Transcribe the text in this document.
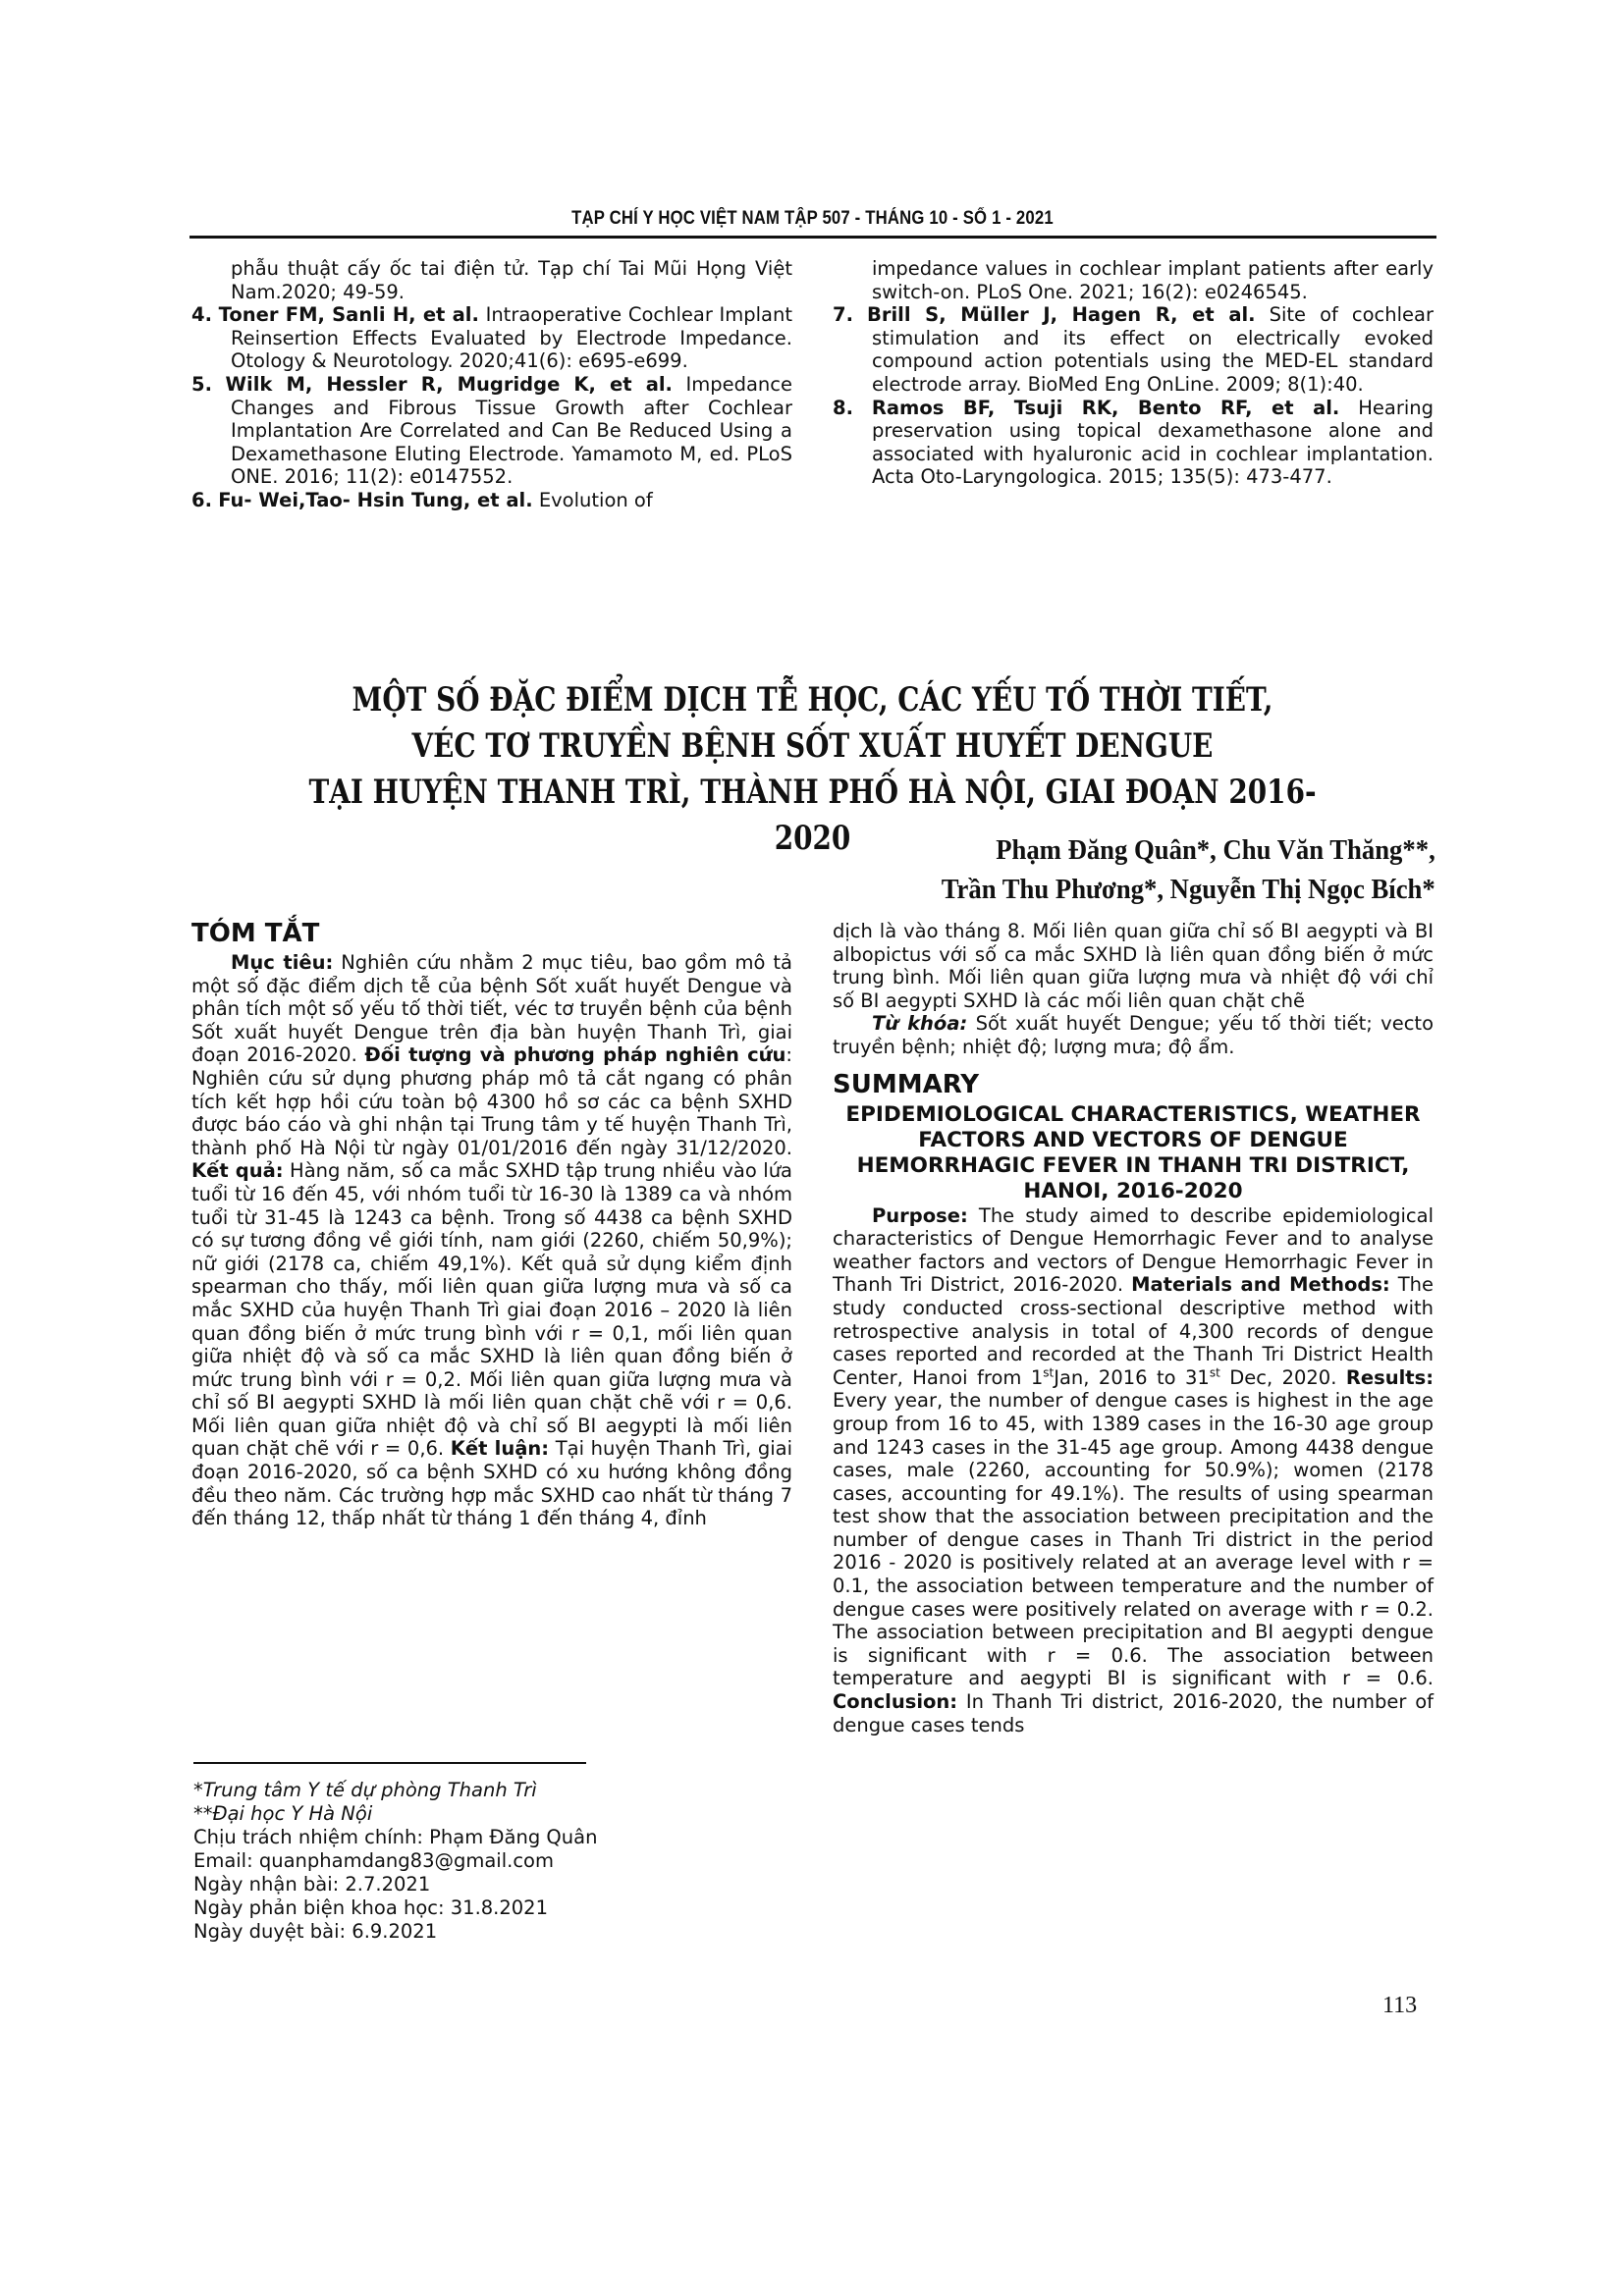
TẠP CHÍ Y HỌC VIỆT NAM TẬP 507 - THÁNG 10 - SỐ 1 - 2021

phẫu thuật cấy ốc tai điện tử. Tạp chí Tai Mũi Họng Việt Nam.2020; 49-59.

4. Toner FM, Sanli H, et al. Intraoperative Cochlear Implant Reinsertion Effects Evaluated by Electrode Impedance. Otology & Neurotology. 2020;41(6): e695-e699.

5. Wilk M, Hessler R, Mugridge K, et al. Impedance Changes and Fibrous Tissue Growth after Cochlear Implantation Are Correlated and Can Be Reduced Using a Dexamethasone Eluting Electrode. Yamamoto M, ed. PLoS ONE. 2016; 11(2): e0147552.

6. Fu- Wei,Tao- Hsin Tung, et al. Evolution of

impedance values in cochlear implant patients after early switch-on. PLoS One. 2021; 16(2): e0246545.

7. Brill S, Müller J, Hagen R, et al. Site of cochlear stimulation and its effect on electrically evoked compound action potentials using the MED-EL standard electrode array. BioMed Eng OnLine. 2009; 8(1):40.

8. Ramos BF, Tsuji RK, Bento RF, et al. Hearing preservation using topical dexamethasone alone and associated with hyaluronic acid in cochlear implantation. Acta Oto-Laryngologica. 2015; 135(5): 473-477.

MỘT SỐ ĐẶC ĐIỂM DỊCH TỄ HỌC, CÁC YẾU TỐ THỜI TIẾT,
VÉC TƠ TRUYỀN BỆNH SỐT XUẤT HUYẾT DENGUE
TẠI HUYỆN THANH TRÌ, THÀNH PHỐ HÀ NỘI, GIAI ĐOẠN 2016-2020	Phạm Đăng Quân*, Chu Văn Thăng**,
Trần Thu Phương*, Nguyễn Thị Ngọc Bích*
TÓM TẮT

Mục tiêu: Nghiên cứu nhằm 2 mục tiêu, bao gồm mô tả một số đặc điểm dịch tễ của bệnh Sốt xuất huyết Dengue và phân tích một số yếu tố thời tiết, véc tơ truyền bệnh của bệnh Sốt xuất huyết Dengue trên địa bàn huyện Thanh Trì, giai đoạn 2016-2020. Đối tượng và phương pháp nghiên cứu: Nghiên cứu sử dụng phương pháp mô tả cắt ngang có phân tích kết hợp hồi cứu toàn bộ 4300 hồ sơ các ca bệnh SXHD được báo cáo và ghi nhận tại Trung tâm y tế huyện Thanh Trì, thành phố Hà Nội từ ngày 01/01/2016 đến ngày 31/12/2020. Kết quả: Hàng năm, số ca mắc SXHD tập trung nhiều vào lứa tuổi từ 16 đến 45, với nhóm tuổi từ 16-30 là 1389 ca và nhóm tuổi từ 31-45 là 1243 ca bệnh. Trong số 4438 ca bệnh SXHD có sự tương đồng về giới tính, nam giới (2260, chiếm 50,9%); nữ giới (2178 ca, chiếm 49,1%). Kết quả sử dụng kiểm định spearman cho thấy, mối liên quan giữa lượng mưa và số ca mắc SXHD của huyện Thanh Trì giai đoạn 2016 – 2020 là liên quan đồng biến ở mức trung bình với r = 0,1, mối liên quan giữa nhiệt độ và số ca mắc SXHD là liên quan đồng biến ở mức trung bình với r = 0,2. Mối liên quan giữa lượng mưa và chỉ số BI aegypti SXHD là mối liên quan chặt chẽ với r = 0,6. Mối liên quan giữa nhiệt độ và chỉ số BI aegypti là mối liên quan chặt chẽ với r = 0,6. Kết luận: Tại huyện Thanh Trì, giai đoạn 2016-2020, số ca bệnh SXHD có xu hướng không đồng đều theo năm. Các trường hợp mắc SXHD cao nhất từ tháng 7 đến tháng 12, thấp nhất từ tháng 1 đến tháng 4, đỉnh

dịch là vào tháng 8. Mối liên quan giữa chỉ số BI aegypti và BI albopictus với số ca mắc SXHD là liên quan đồng biến ở mức trung bình. Mối liên quan giữa lượng mưa và nhiệt độ với chỉ số BI aegypti SXHD là các mối liên quan chặt chẽ

Từ khóa: Sốt xuất huyết Dengue; yếu tố thời tiết; vecto truyền bệnh; nhiệt độ; lượng mưa; độ ẩm.

SUMMARY

EPIDEMIOLOGICAL CHARACTERISTICS, WEATHER FACTORS AND VECTORS OF DENGUE HEMORRHAGIC FEVER IN THANH TRI DISTRICT, HANOI, 2016-2020

Purpose: The study aimed to describe epidemiological characteristics of Dengue Hemorrhagic Fever and to analyse weather factors and vectors of Dengue Hemorrhagic Fever in Thanh Tri District, 2016-2020. Materials and Methods: The study conducted cross-sectional descriptive method with retrospective analysis in total of 4,300 records of dengue cases reported and recorded at the Thanh Tri District Health Center, Hanoi from 1stJan, 2016 to 31st Dec, 2020. Results: Every year, the number of dengue cases is highest in the age group from 16 to 45, with 1389 cases in the 16-30 age group and 1243 cases in the 31-45 age group. Among 4438 dengue cases, male (2260, accounting for 50.9%); women (2178 cases, accounting for 49.1%). The results of using spearman test show that the association between precipitation and the number of dengue cases in Thanh Tri district in the period 2016 - 2020 is positively related at an average level with r = 0.1, the association between temperature and the number of dengue cases were positively related on average with r = 0.2. The association between precipitation and BI aegypti dengue is significant with r = 0.6. The association between temperature and aegypti BI is significant with r = 0.6. Conclusion: In Thanh Tri district, 2016-2020, the number of dengue cases tends

*Trung tâm Y tế dự phòng Thanh Trì
**Đại học Y Hà Nội
Chịu trách nhiệm chính: Phạm Đăng Quân
Email: quanphamdang83@gmail.com
Ngày nhận bài: 2.7.2021
Ngày phản biện khoa học: 31.8.2021
Ngày duyệt bài: 6.9.2021
113
